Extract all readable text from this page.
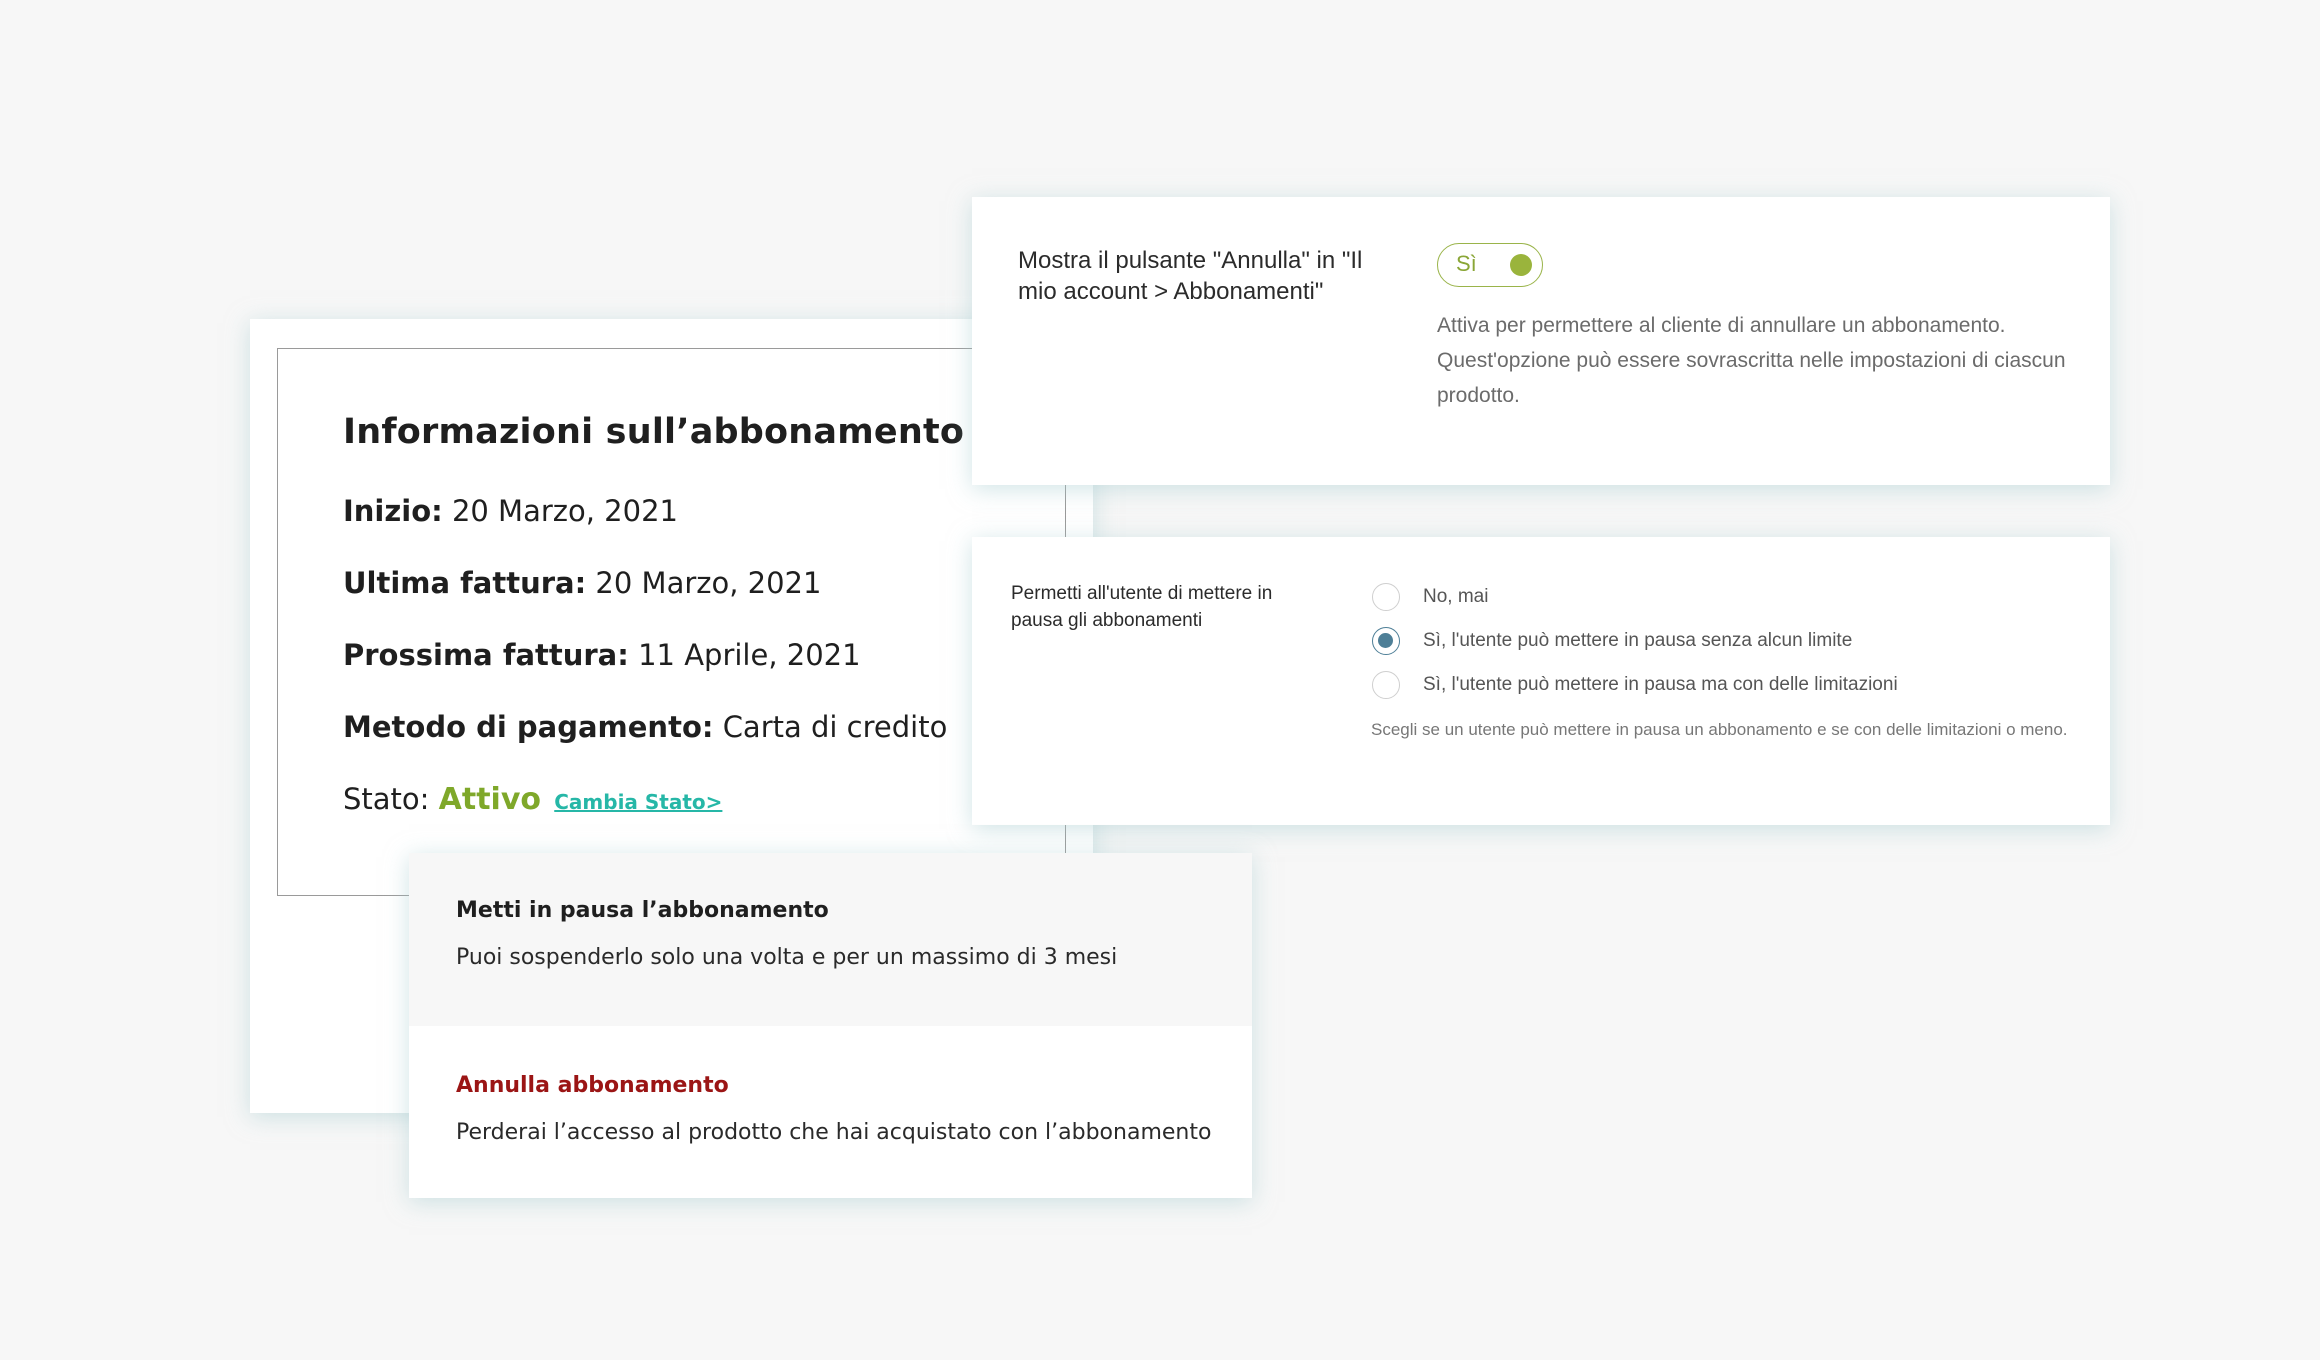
Informazioni sull’abbonamento
Inizio: 20 Marzo, 2021
Ultima fattura: 20 Marzo, 2021
Prossima fattura: 11 Aprile, 2021
Metodo di pagamento: Carta di credito
Stato: Attivo Cambia Stato>

Mostra il pulsante "Annulla" in "Il mio account > Abbonamenti"

Sì

Attiva per permettere al cliente di annullare un abbonamento. Quest'opzione può essere sovrascritta nelle impostazioni di ciascun prodotto.

Permetti all'utente di mettere in pausa gli abbonamenti

No, mai
Sì, l'utente può mettere in pausa senza alcun limite
Sì, l'utente può mettere in pausa ma con delle limitazioni

Scegli se un utente può mettere in pausa un abbonamento e se con delle limitazioni o meno.

Metti in pausa l’abbonamento

Puoi sospenderlo solo una volta e per un massimo di 3 mesi

Annulla abbonamento

Perderai l’accesso al prodotto che hai acquistato con l’abbonamento
